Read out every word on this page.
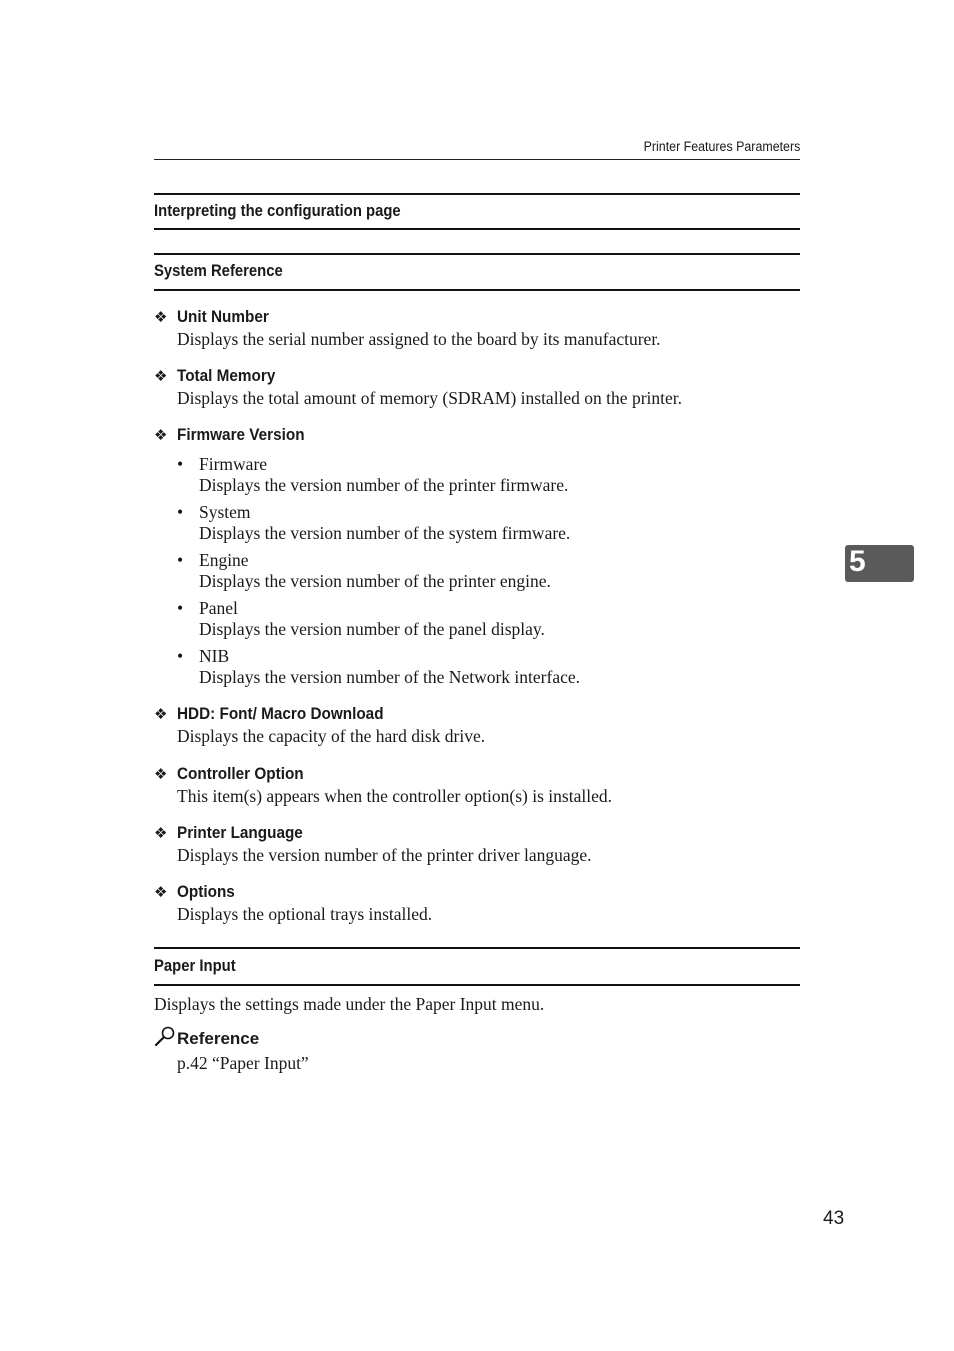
Printer Features Parameters
Interpreting the configuration page
System Reference
❖ Unit Number
Displays the serial number assigned to the board by its manufacturer.
❖ Total Memory
Displays the total amount of memory (SDRAM) installed on the printer.
❖ Firmware Version
• Firmware
Displays the version number of the printer firmware.
• System
Displays the version number of the system firmware.
• Engine
Displays the version number of the printer engine.
• Panel
Displays the version number of the panel display.
• NIB
Displays the version number of the Network interface.
❖ HDD: Font/ Macro Download
Displays the capacity of the hard disk drive.
❖ Controller Option
This item(s) appears when the controller option(s) is installed.
❖ Printer Language
Displays the version number of the printer driver language.
❖ Options
Displays the optional trays installed.
Paper Input
Displays the settings made under the Paper Input menu.
Reference
p.42 “Paper Input”
5
43
